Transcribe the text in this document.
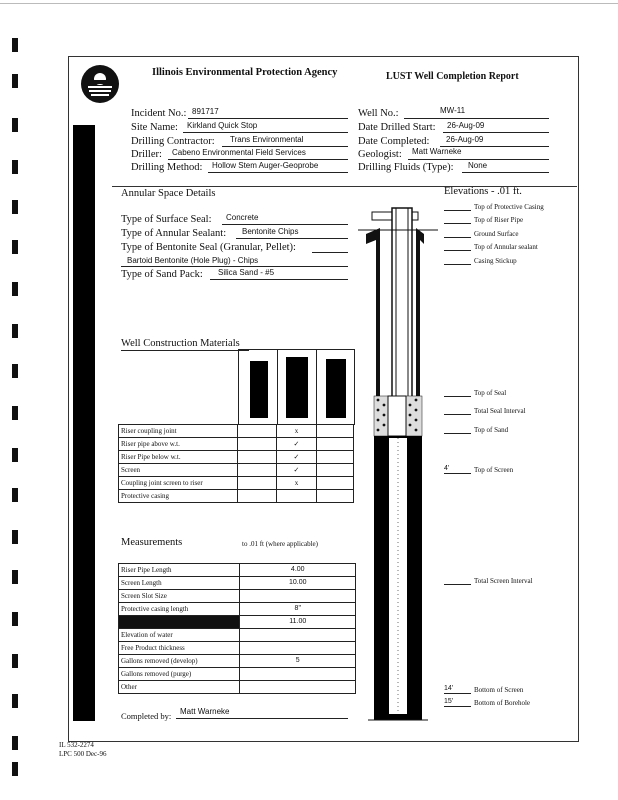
Illinois Environmental Protection Agency	LUST Well Completion Report
Incident No.: 891717
Site Name: Kirkland Quick Stop
Drilling Contractor: Trans Environmental
Driller: Cabeno Environmental Field Services
Drilling Method: Hollow Stem Auger-Geoprobe
Well No.:	MW-11
Date Drilled Start: 26-Aug-09
Date Completed: 26-Aug-09
Geologist: Matt Warneke
Drilling Fluids (Type): None
Annular Space Details
Type of Surface Seal: Concrete
Type of Annular Sealant: Bentonite Chips
Type of Bentonite Seal (Granular, Pellet):
Bartoid Bentonite (Hole Plug) - Chips
Type of Sand Pack: Silica Sand - #5
Well Construction Materials
Riser coupling joint		x	
Riser pipe above w.t.		✓	
Riser Pipe below w.t.		✓	
Screen		✓	
Coupling joint screen to riser		x	
Protective casing			
Measurements	to .01 ft (where applicable)
Riser Pipe Length	4.00
Screen Length	10.00
Screen Slot Size	
Protective casing length	8"
	11.00
Elevation of water	
Free Product thickness	
Gallons removed (develop)	5
Gallons removed (purge)	
Other	
Completed by: Matt Warneke
IL 532-2274
LPC 500 Dec-96
Elevations - .01 ft.
Top of Protective Casing
Top of Riser Pipe
Ground Surface
Top of Annular sealant
Casing Stickup
Top of Seal
Total Seal Interval
Top of Sand
4'	Top of Screen
Total Screen Interval
14'	Bottom of Screen
15'	Bottom of Borehole
